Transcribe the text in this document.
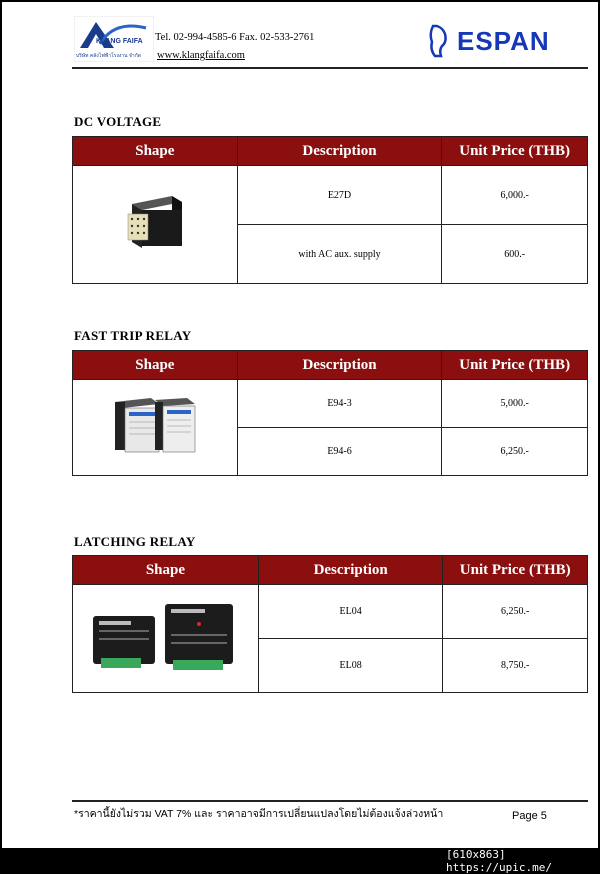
KLANG FAIFA
บริษัท คลังไฟฟ้าโรงงาน จำกัด
Tel. 02-994-4585-6 Fax. 02-533-2761
www.klangfaifa.com	ESPAN
DC VOLTAGE
Shape	Description	Unit Price (THB)
	E27D	6,000.-
	with AC aux. supply	600.-
FAST TRIP RELAY
Shape	Description	Unit Price (THB)
	E94-3	5,000.-
	E94-6	6,250.-
LATCHING RELAY
Shape	Description	Unit Price (THB)
	EL04	6,250.-
	EL08	8,750.-
*ราคานี้ยังไม่รวม VAT 7% และ ราคาอาจมีการเปลี่ยนแปลงโดยไม่ต้องแจ้งล่วงหน้า	Page 5
[610x863] https://upic.me/
